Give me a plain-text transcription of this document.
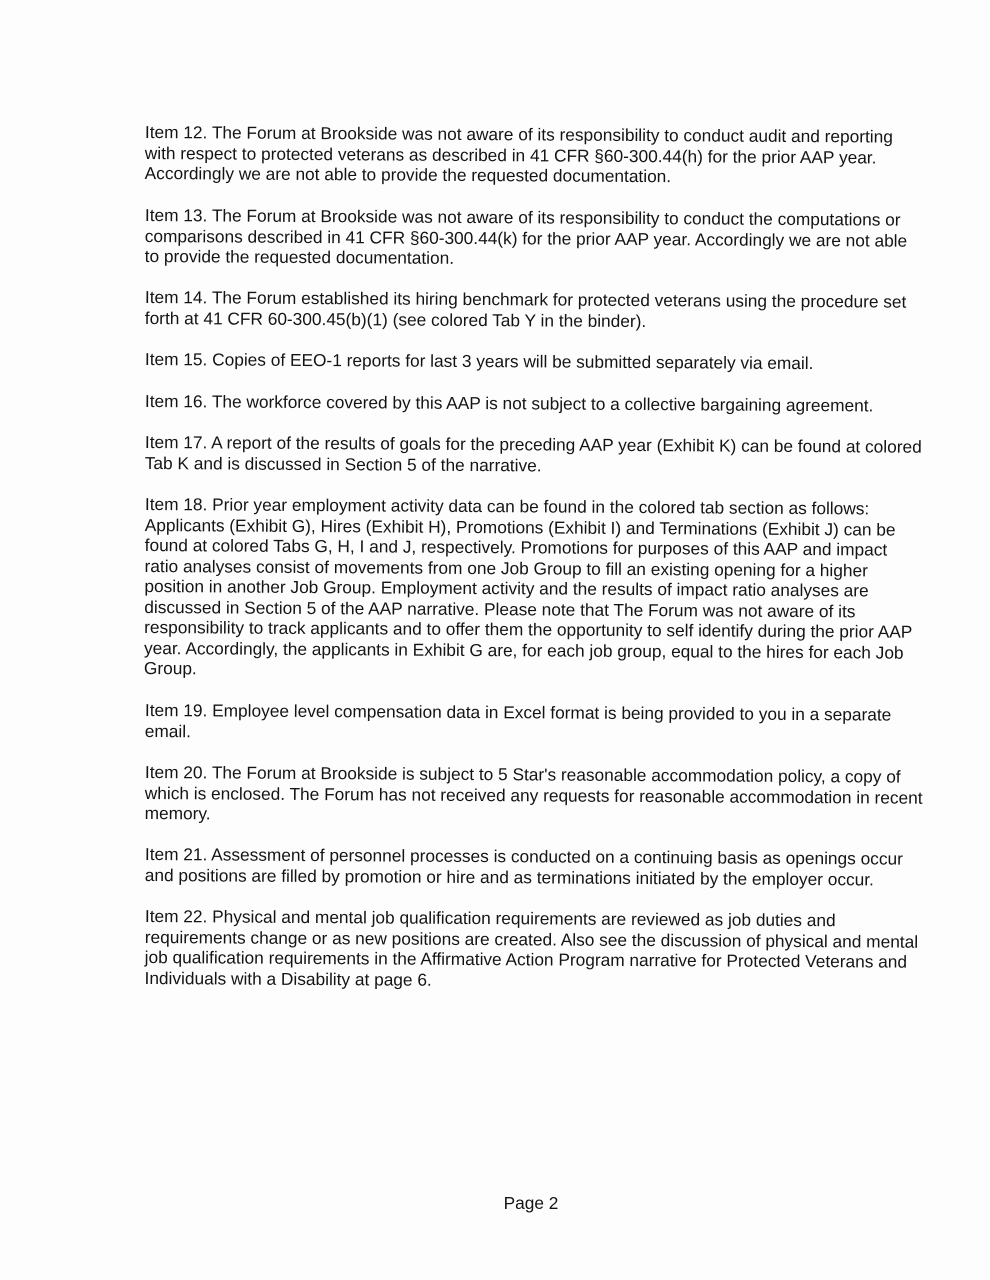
Item 12. The Forum at Brookside was not aware of its responsibility to conduct audit and reporting with respect to protected veterans as described in 41 CFR §60-300.44(h) for the prior AAP year. Accordingly we are not able to provide the requested documentation.

Item 13. The Forum at Brookside was not aware of its responsibility to conduct the computations or comparisons described in 41 CFR §60-300.44(k) for the prior AAP year. Accordingly we are not able to provide the requested documentation.

Item 14. The Forum established its hiring benchmark for protected veterans using the procedure set forth at 41 CFR 60-300.45(b)(1) (see colored Tab Y in the binder).

Item 15. Copies of EEO-1 reports for last 3 years will be submitted separately via email.

Item 16. The workforce covered by this AAP is not subject to a collective bargaining agreement.

Item 17. A report of the results of goals for the preceding AAP year (Exhibit K) can be found at colored Tab K and is discussed in Section 5 of the narrative.

Item 18. Prior year employment activity data can be found in the colored tab section as follows: Applicants (Exhibit G), Hires (Exhibit H), Promotions (Exhibit I) and Terminations (Exhibit J) can be found at colored Tabs G, H, I and J, respectively. Promotions for purposes of this AAP and impact ratio analyses consist of movements from one Job Group to fill an existing opening for a higher position in another Job Group. Employment activity and the results of impact ratio analyses are discussed in Section 5 of the AAP narrative. Please note that The Forum was not aware of its responsibility to track applicants and to offer them the opportunity to self identify during the prior AAP year. Accordingly, the applicants in Exhibit G are, for each job group, equal to the hires for each Job Group.

Item 19. Employee level compensation data in Excel format is being provided to you in a separate email.

Item 20. The Forum at Brookside is subject to 5 Star's reasonable accommodation policy, a copy of which is enclosed. The Forum has not received any requests for reasonable accommodation in recent memory.

Item 21. Assessment of personnel processes is conducted on a continuing basis as openings occur and positions are filled by promotion or hire and as terminations initiated by the employer occur.

Item 22. Physical and mental job qualification requirements are reviewed as job duties and requirements change or as new positions are created. Also see the discussion of physical and mental job qualification requirements in the Affirmative Action Program narrative for Protected Veterans and Individuals with a Disability at page 6.

Page 2
